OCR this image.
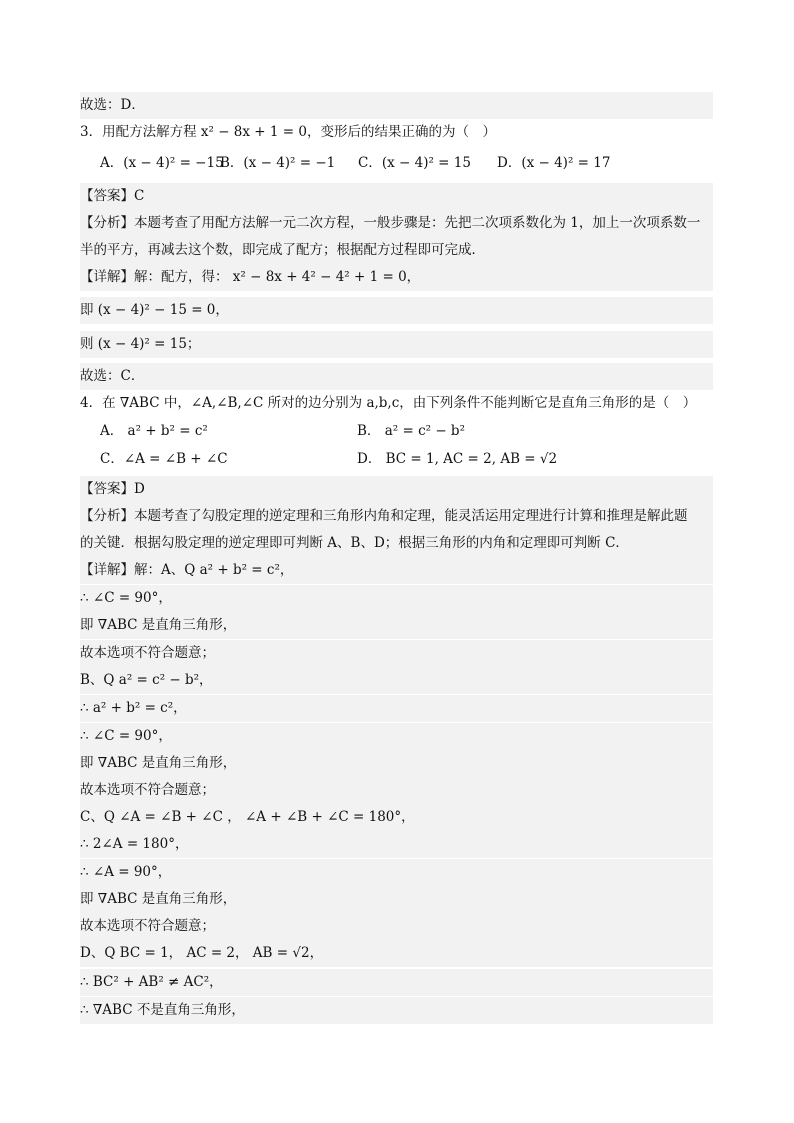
故选：D．
3．用配方法解方程 x² − 8x + 1 = 0，变形后的结果正确的为（　）
A．(x − 4)² = −15
B．(x − 4)² = −1 C．(x − 4)² = 15 D．(x − 4)² = 17
【答案】C
【分析】本题考查了用配方法解一元二次方程，一般步骤是：先把二次项系数化为 1，加上一次项系数一
半的平方，再减去这个数，即完成了配方；根据配方过程即可完成．
【详解】解：配方，得： x² − 8x + 4² − 4² + 1 = 0，
即 (x − 4)² − 15 = 0，
则 (x − 4)² = 15；
故选：C．
4．在 ∇ABC 中，∠A,∠B,∠C 所对的边分别为 a,b,c，由下列条件不能判断它是直角三角形的是（　）
A． a² + b² = c²	B． a² = c² − b²
C．∠A = ∠B + ∠C	D． BC = 1, AC = 2, AB = √2
【答案】D
【分析】本题考查了勾股定理的逆定理和三角形内角和定理，能灵活运用定理进行计算和推理是解此题
的关键．根据勾股定理的逆定理即可判断 A、B、D；根据三角形的内角和定理即可判断 C．
【详解】解：A、Q a² + b² = c²，
∴ ∠C = 90°，
即 ∇ABC 是直角三角形，
故本选项不符合题意；
B、Q a² = c² − b²，
∴ a² + b² = c²，
∴ ∠C = 90°，
即 ∇ABC 是直角三角形，
故本选项不符合题意；
C、Q ∠A = ∠B + ∠C ， ∠A + ∠B + ∠C = 180°，
∴ 2∠A = 180°，
∴ ∠A = 90°，
即 ∇ABC 是直角三角形，
故本选项不符合题意；
D、Q BC = 1， AC = 2， AB = √2，
∴ BC² + AB² ≠ AC²，
∴ ∇ABC 不是直角三角形，
